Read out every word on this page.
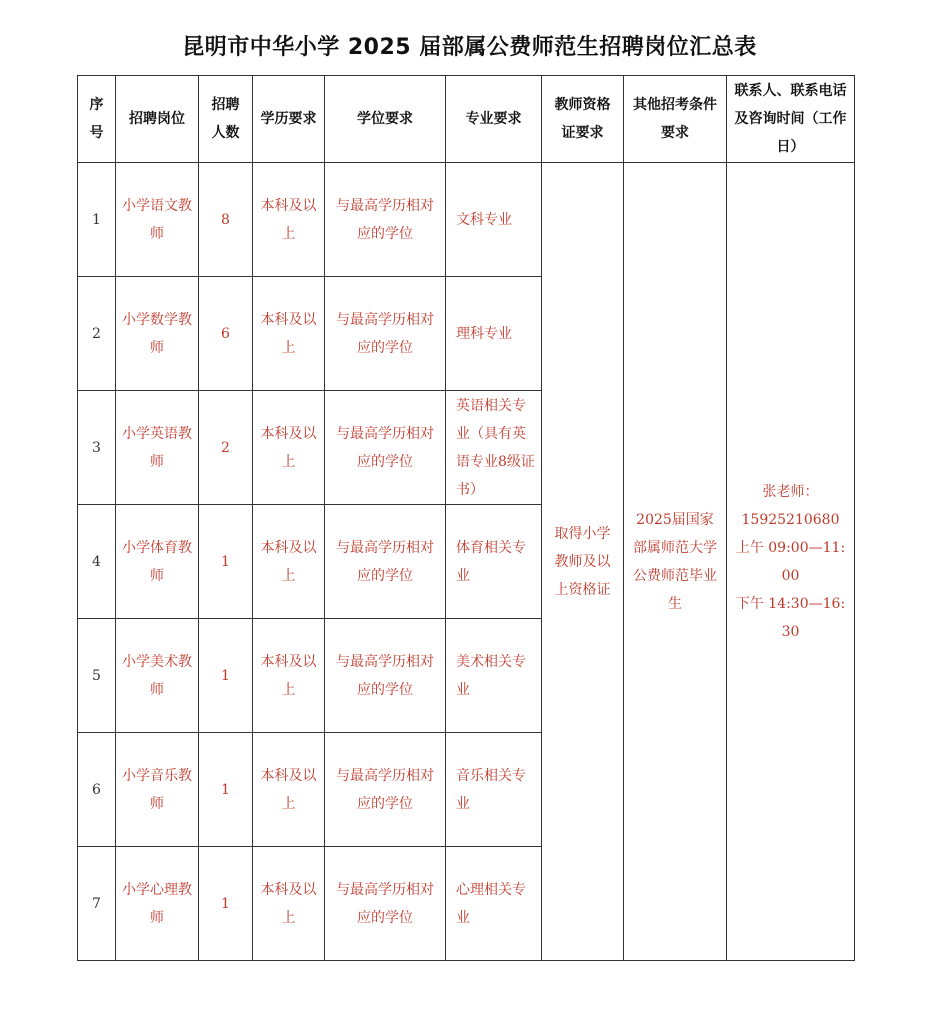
昆明市中华小学 2025 届部属公费师范生招聘岗位汇总表
序号	招聘岗位	招聘人数	学历要求	学位要求	专业要求	教师资格证要求	其他招考条件要求	联系人、联系电话及咨询时间（工作日）
1	小学语文教师	8	本科及以上	与最高学历相对应的学位	文科专业	取得小学教师及以上资格证	2025届国家部属师范大学公费师范毕业生	张老师：
15925210680
上午 09:00—11:00
下午 14:30—16:30

2	小学数学教师	6	本科及以上	与最高学历相对应的学位	理科专业			
3	小学英语教师	2	本科及以上	与最高学历相对应的学位	英语相关专业（具有英语专业8级证书）			
4	小学体育教师	1	本科及以上	与最高学历相对应的学位	体育相关专业			
5	小学美术教师	1	本科及以上	与最高学历相对应的学位	美术相关专业			
6	小学音乐教师	1	本科及以上	与最高学历相对应的学位	音乐相关专业			
7	小学心理教师	1	本科及以上	与最高学历相对应的学位	心理相关专业			
